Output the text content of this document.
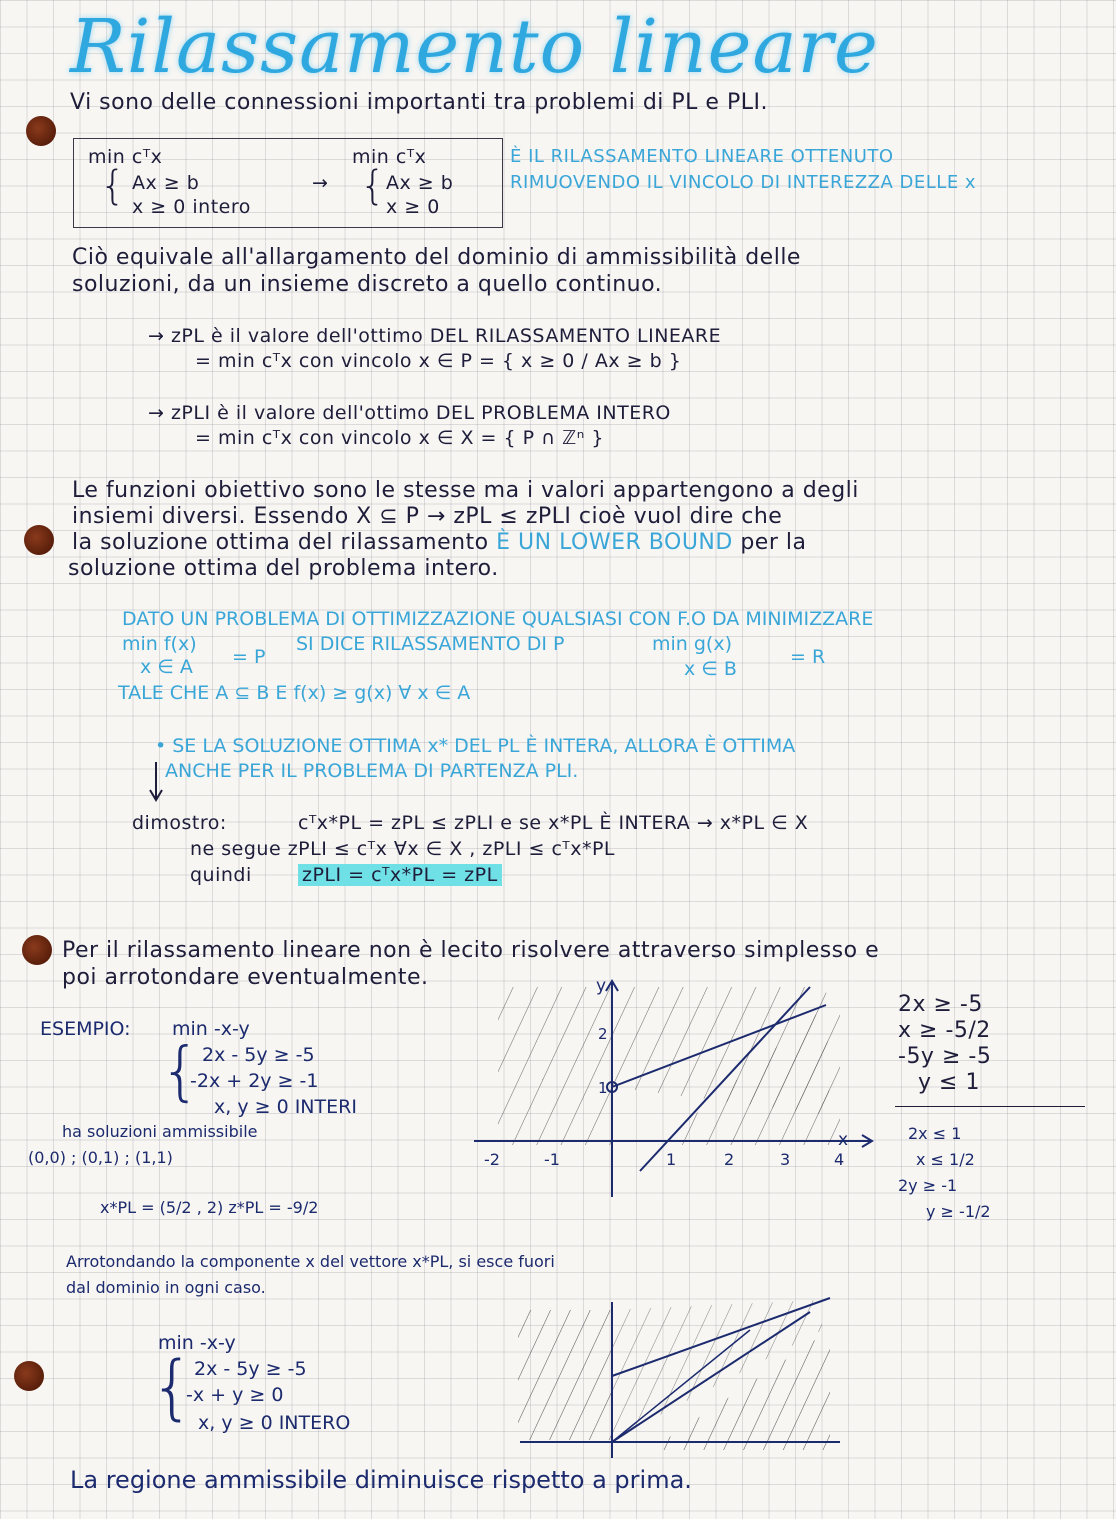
Rilassamento lineare
Vi sono delle connessioni importanti tra problemi di PL e PLI.
min cᵀx
{ Ax ≥ b
x ≥ 0 intero
→
min cᵀx
{ Ax ≥ b
x ≥ 0
È IL RILASSAMENTO LINEARE OTTENUTO
RIMUOVENDO IL VINCOLO DI INTEREZZA DELLE x
Ciò equivale all'allargamento del dominio di ammissibilità delle
soluzioni, da un insieme discreto a quello continuo.
→ zPL è il valore dell'ottimo DEL RILASSAMENTO LINEARE
= min cᵀx con vincolo x ∈ P = { x ≥ 0 / Ax ≥ b }
→ zPLI è il valore dell'ottimo DEL PROBLEMA INTERO
= min cᵀx con vincolo x ∈ X = { P ∩ ℤⁿ }
Le funzioni obiettivo sono le stesse ma i valori appartengono a degli
insiemi diversi. Essendo X ⊆ P → zPL ≤ zPLI cioè vuol dire che
la soluzione ottima del rilassamento È UN LOWER BOUND per la
soluzione ottima del problema intero.
DATO UN PROBLEMA DI OTTIMIZZAZIONE QUALSIASI CON F.O DA MINIMIZZARE
min f(x)
x ∈ A = P
SI DICE RILASSAMENTO DI P	min g(x)
x ∈ B
= R
TALE CHE A ⊆ B E f(x) ≥ g(x) ∀ x ∈ A
• SE LA SOLUZIONE OTTIMA x* DEL PL È INTERA, ALLORA È OTTIMA
ANCHE PER IL PROBLEMA DI PARTENZA PLI.
dimostro:	cᵀx*PL = zPL ≤ zPLI e se x*PL È INTERA → x*PL ∈ X
ne segue zPLI ≤ cᵀx ∀x ∈ X , zPLI ≤ cᵀx*PL
quindi	zPLI = cᵀx*PL = zPL
Per il rilassamento lineare non è lecito risolvere attraverso simplesso e
poi arrotondare eventualmente.
ESEMPIO: min -x-y
{ 2x - 5y ≥ -5
-2x + 2y ≥ -1
x, y ≥ 0 INTERI
ha soluzioni ammissibile
(0,0) ; (0,1) ; (1,1)
x*PL = (5/2 , 2) z*PL = -9/2
x
y
-2	-1	1	2	3	4
1
2
2x ≥ -5
x ≥ -5/2
-5y ≥ -5
y ≤ 1
2x ≤ 1
x ≤ 1/2
2y ≥ -1
y ≥ -1/2
Arrotondando la componente x del vettore x*PL, si esce fuori
dal dominio in ogni caso.
min -x-y
{ 2x - 5y ≥ -5
-x + y ≥ 0
x, y ≥ 0 INTERO
La regione ammissibile diminuisce rispetto a prima.
